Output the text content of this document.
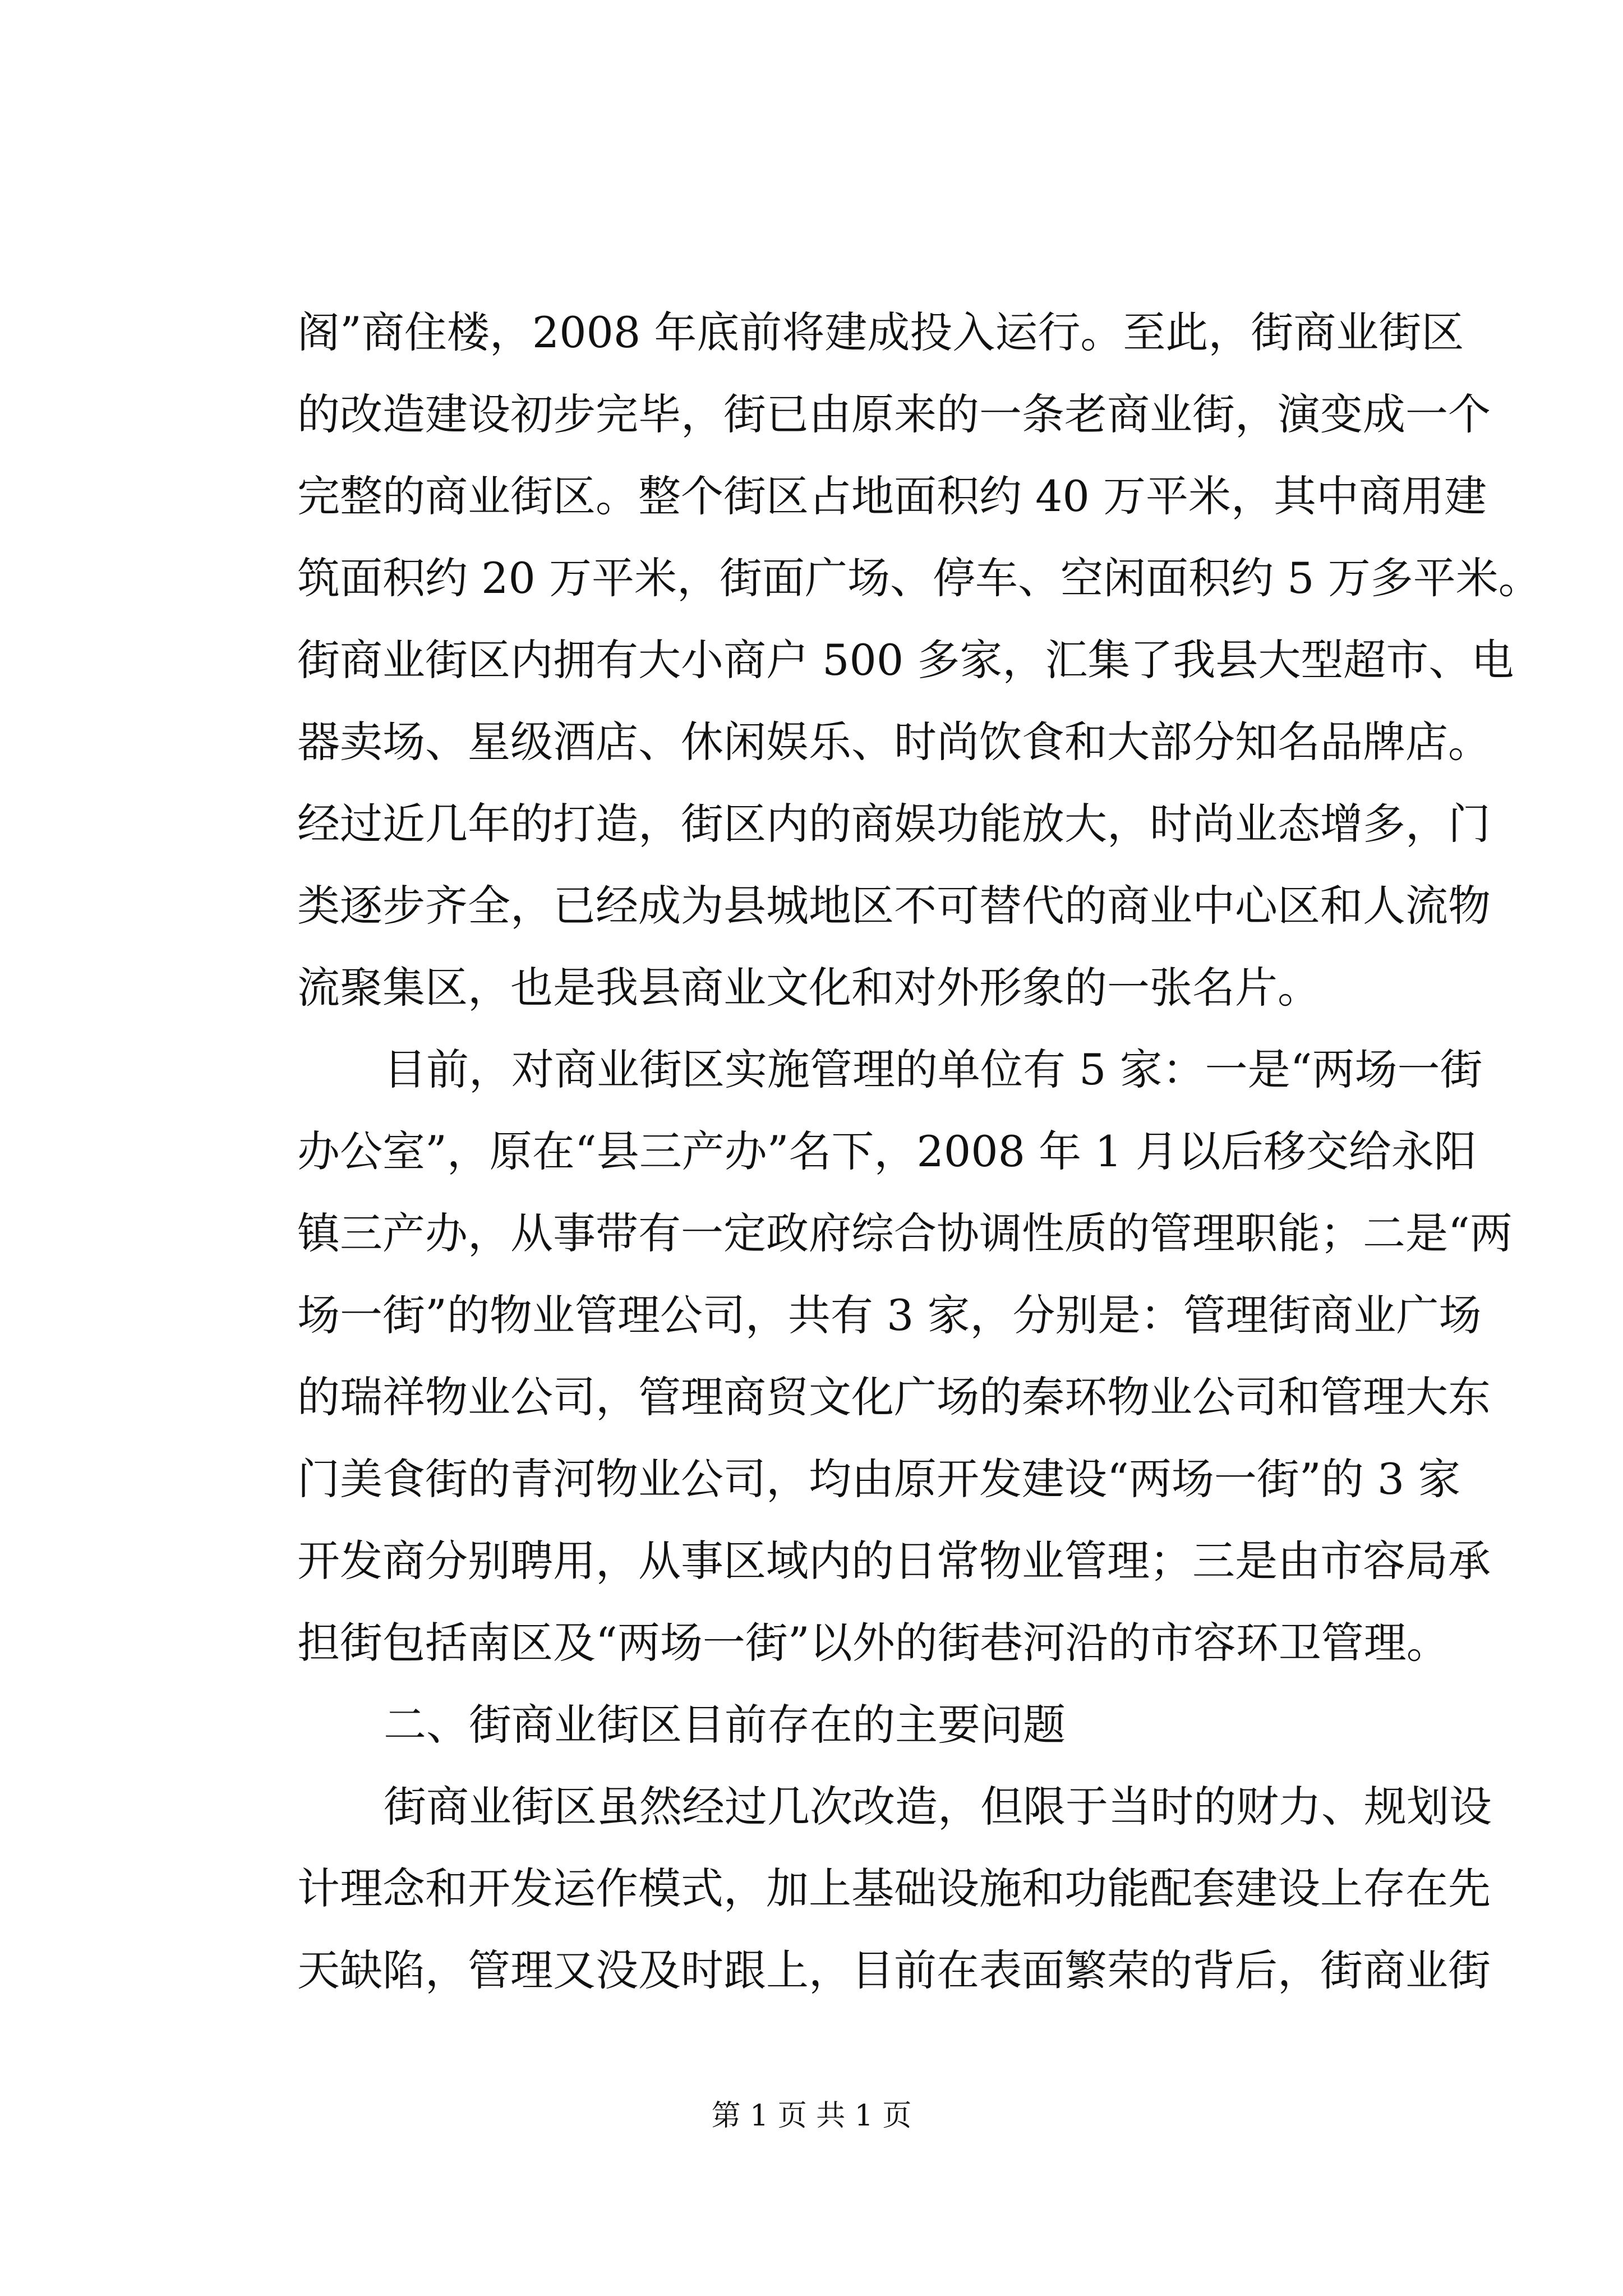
阁”商住楼，2008 年底前将建成投入运行。至此，街商业街区
的改造建设初步完毕，街已由原来的一条老商业街，演变成一个
完整的商业街区。整个街区占地面积约 40 万平米，其中商用建
筑面积约 20 万平米，街面广场、停车、空闲面积约 5 万多平米。
街商业街区内拥有大小商户 500 多家，汇集了我县大型超市、电
器卖场、星级酒店、休闲娱乐、时尚饮食和大部分知名品牌店。
经过近几年的打造，街区内的商娱功能放大，时尚业态增多，门
类逐步齐全，已经成为县城地区不可替代的商业中心区和人流物
流聚集区，也是我县商业文化和对外形象的一张名片。
目前，对商业街区实施管理的单位有 5 家：一是“两场一街
办公室”，原在“县三产办”名下，2008 年 1 月以后移交给永阳
镇三产办，从事带有一定政府综合协调性质的管理职能；二是“两
场一街”的物业管理公司，共有 3 家，分别是：管理街商业广场
的瑞祥物业公司，管理商贸文化广场的秦环物业公司和管理大东
门美食街的青河物业公司，均由原开发建设“两场一街”的 3 家
开发商分别聘用，从事区域内的日常物业管理；三是由市容局承
担街包括南区及“两场一街”以外的街巷河沿的市容环卫管理。
二、街商业街区目前存在的主要问题
街商业街区虽然经过几次改造，但限于当时的财力、规划设
计理念和开发运作模式，加上基础设施和功能配套建设上存在先
天缺陷，管理又没及时跟上，目前在表面繁荣的背后，街商业街
第 1 页 共 1 页
